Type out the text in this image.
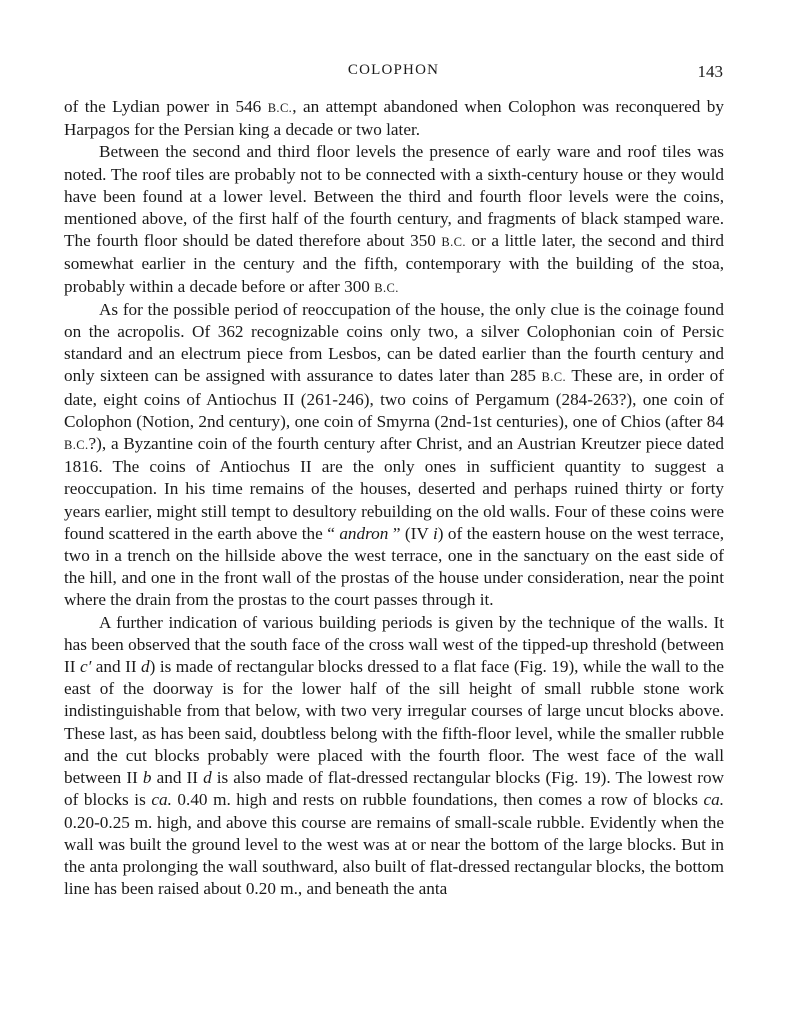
COLOPHON	143

of the Lydian power in 546 B.C., an attempt abandoned when Colophon was reconquered by Harpagos for the Persian king a decade or two later.

Between the second and third floor levels the presence of early ware and roof tiles was noted. The roof tiles are probably not to be connected with a sixth-century house or they would have been found at a lower level. Between the third and fourth floor levels were the coins, mentioned above, of the first half of the fourth century, and fragments of black stamped ware. The fourth floor should be dated therefore about 350 B.C. or a little later, the second and third somewhat earlier in the century and the fifth, contemporary with the building of the stoa, probably within a decade before or after 300 B.C.

As for the possible period of reoccupation of the house, the only clue is the coinage found on the acropolis. Of 362 recognizable coins only two, a silver Colophonian coin of Persic standard and an electrum piece from Lesbos, can be dated earlier than the fourth century and only sixteen can be assigned with assurance to dates later than 285 B.C. These are, in order of date, eight coins of Antiochus II (261-246), two coins of Pergamum (284-263?), one coin of Colophon (Notion, 2nd century), one coin of Smyrna (2nd-1st centuries), one of Chios (after 84 B.C.?), a Byzantine coin of the fourth century after Christ, and an Austrian Kreutzer piece dated 1816. The coins of Antiochus II are the only ones in sufficient quantity to suggest a reoccupation. In his time remains of the houses, deserted and perhaps ruined thirty or forty years earlier, might still tempt to desultory rebuilding on the old walls. Four of these coins were found scattered in the earth above the “ andron ” (IV i) of the eastern house on the west terrace, two in a trench on the hillside above the west terrace, one in the sanctuary on the east side of the hill, and one in the front wall of the prostas of the house under consideration, near the point where the drain from the prostas to the court passes through it.

A further indication of various building periods is given by the technique of the walls. It has been observed that the south face of the cross wall west of the tipped-up threshold (between II c′ and II d) is made of rectangular blocks dressed to a flat face (Fig. 19), while the wall to the east of the doorway is for the lower half of the sill height of small rubble stone work indistinguishable from that below, with two very irregular courses of large uncut blocks above. These last, as has been said, doubtless belong with the fifth-floor level, while the smaller rubble and the cut blocks probably were placed with the fourth floor. The west face of the wall between II b and II d is also made of flat-dressed rectangular blocks (Fig. 19). The lowest row of blocks is ca. 0.40 m. high and rests on rubble foundations, then comes a row of blocks ca. 0.20-0.25 m. high, and above this course are remains of small-scale rubble. Evidently when the wall was built the ground level to the west was at or near the bottom of the large blocks. But in the anta prolonging the wall southward, also built of flat-dressed rectangular blocks, the bottom line has been raised about 0.20 m., and beneath the anta
